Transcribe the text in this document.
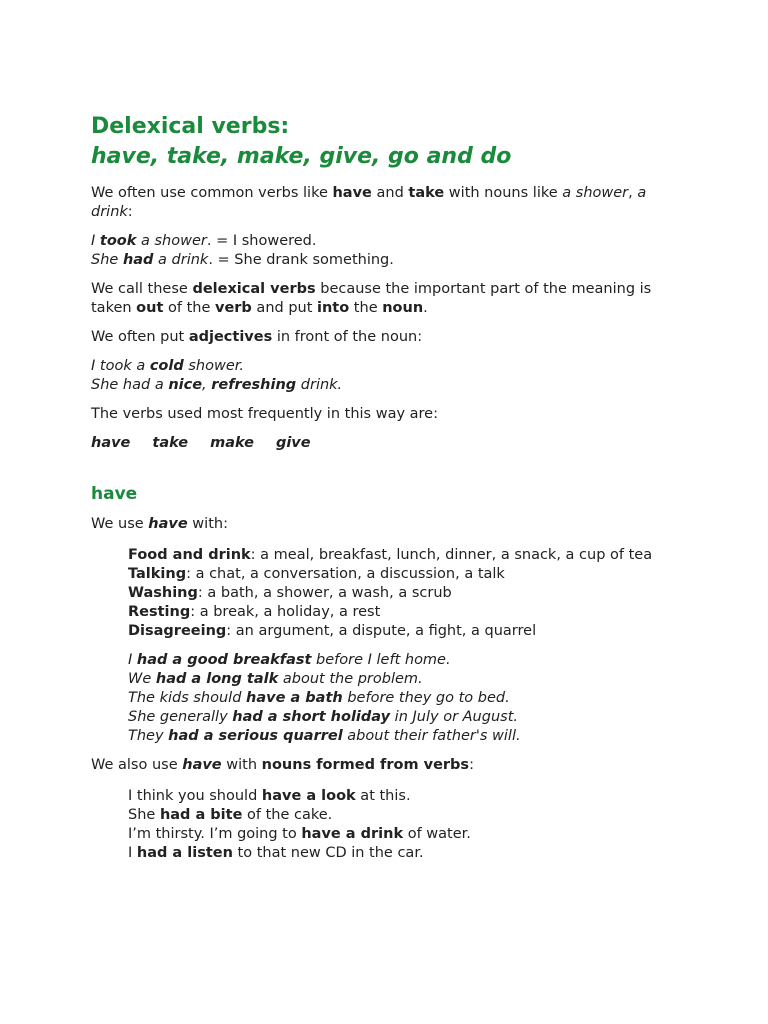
Delexical verbs:
have, take, make, give, go and do

We often use common verbs like have and take with nouns like a shower, a drink:

I took a shower. = I showered.
She had a drink. = She drank something.

We call these delexical verbs because the important part of the meaning is taken out of the verb and put into the noun.

We often put adjectives in front of the noun:

I took a cold shower.
She had a nice, refreshing drink.

The verbs used most frequently in this way are:

have take make give
have

We use have with:

Food and drink: a meal, breakfast, lunch, dinner, a snack, a cup of tea
Talking: a chat, a conversation, a discussion, a talk
Washing: a bath, a shower, a wash, a scrub
Resting: a break, a holiday, a rest
Disagreeing: an argument, a dispute, a fight, a quarrel
I had a good breakfast before I left home.
We had a long talk about the problem.
The kids should have a bath before they go to bed.
She generally had a short holiday in July or August.
They had a serious quarrel about their father's will.

We also use have with nouns formed from verbs:

I think you should have a look at this.
She had a bite of the cake.
I’m thirsty. I’m going to have a drink of water.
I had a listen to that new CD in the car.
